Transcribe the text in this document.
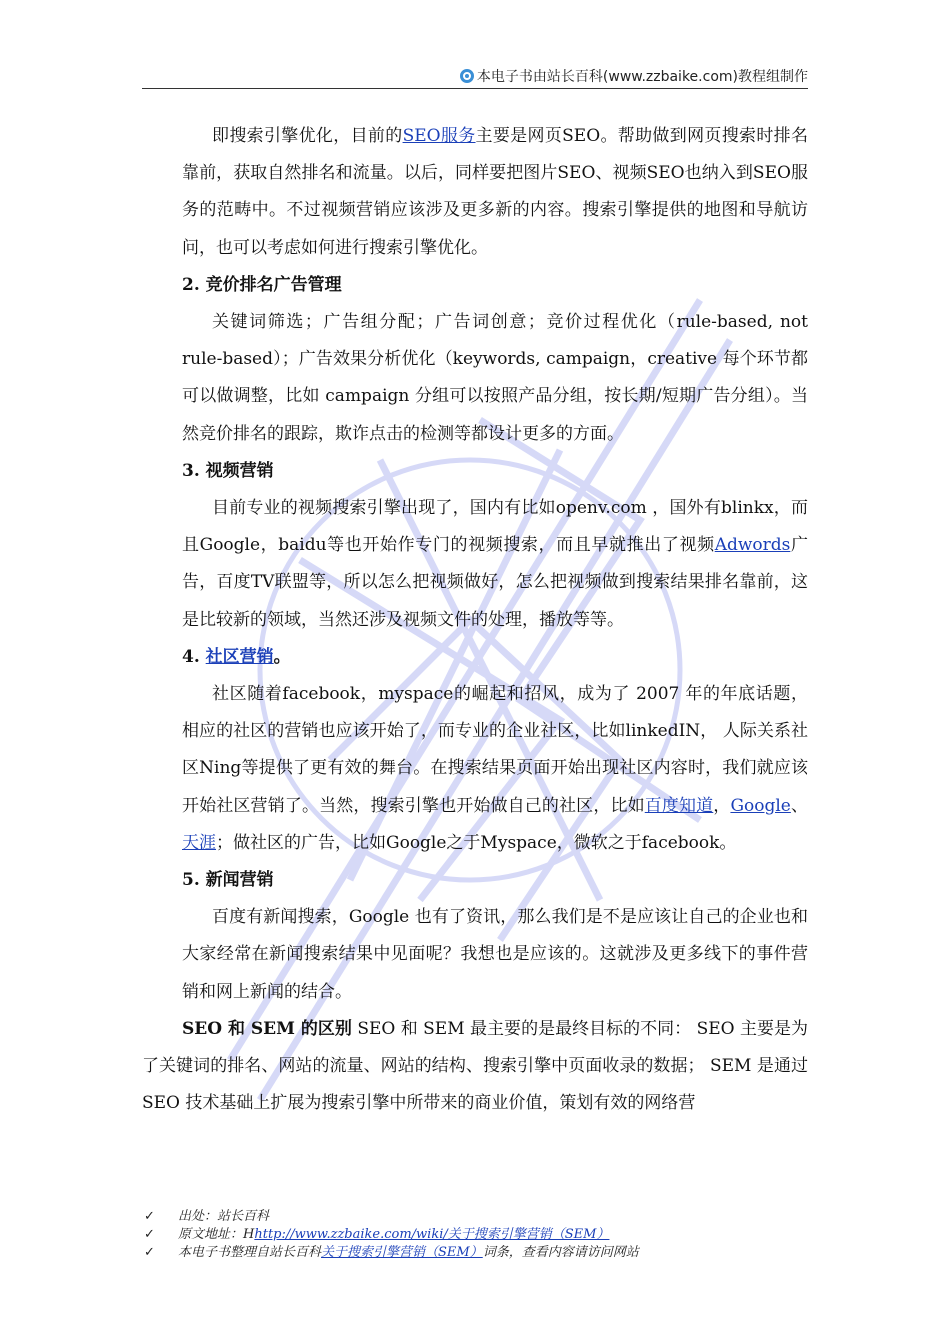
本电子书由站长百科(www.zzbaike.com)教程组制作

即搜索引擎优化，目前的SEO服务主要是网页SEO。帮助做到网页搜索时排名靠前，获取自然排名和流量。以后，同样要把图片SEO、视频SEO也纳入到SEO服务的范畴中。不过视频营销应该涉及更多新的内容。搜索引擎提供的地图和导航访问，也可以考虑如何进行搜索引擎优化。

2. 竞价排名广告管理

关键词筛选；广告组分配；广告词创意；竞价过程优化（rule-based, not rule-based）；广告效果分析优化（keywords, campaign，creative 每个环节都可以做调整，比如 campaign 分组可以按照产品分组，按长期/短期广告分组）。当然竞价排名的跟踪，欺诈点击的检测等都设计更多的方面。

3. 视频营销

目前专业的视频搜索引擎出现了，国内有比如openv.com ，国外有blinkx，而且Google，baidu等也开始作专门的视频搜索，而且早就推出了视频Adwords广告，百度TV联盟等，所以怎么把视频做好，怎么把视频做到搜索结果排名靠前，这是比较新的领域，当然还涉及视频文件的处理，播放等等。

4. 社区营销。

社区随着facebook，myspace的崛起和招风，成为了 2007 年的年底话题，相应的社区的营销也应该开始了，而专业的企业社区，比如linkedIN， 人际关系社区Ning等提供了更有效的舞台。在搜索结果页面开始出现社区内容时，我们就应该开始社区营销了。当然，搜索引擎也开始做自己的社区，比如百度知道，Google、天涯；做社区的广告，比如Google之于Myspace，微软之于facebook。

5. 新闻营销

百度有新闻搜索，Google 也有了资讯，那么我们是不是应该让自己的企业也和大家经常在新闻搜索结果中见面呢？我想也是应该的。这就涉及更多线下的事件营销和网上新闻的结合。

SEO 和 SEM 的区别 SEO 和 SEM 最主要的是最终目标的不同： SEO 主要是为了关键词的排名、网站的流量、网站的结构、搜索引擎中页面收录的数据； SEM 是通过 SEO 技术基础上扩展为搜索引擎中所带来的商业价值，策划有效的网络营

✓ 出处：站长百科
✓ 原文地址：Hhttp://www.zzbaike.com/wiki/关于搜索引擎营销（SEM）
✓ 本电子书整理自站长百科关于搜索引擎营销（SEM）词条，查看内容请访问网站
